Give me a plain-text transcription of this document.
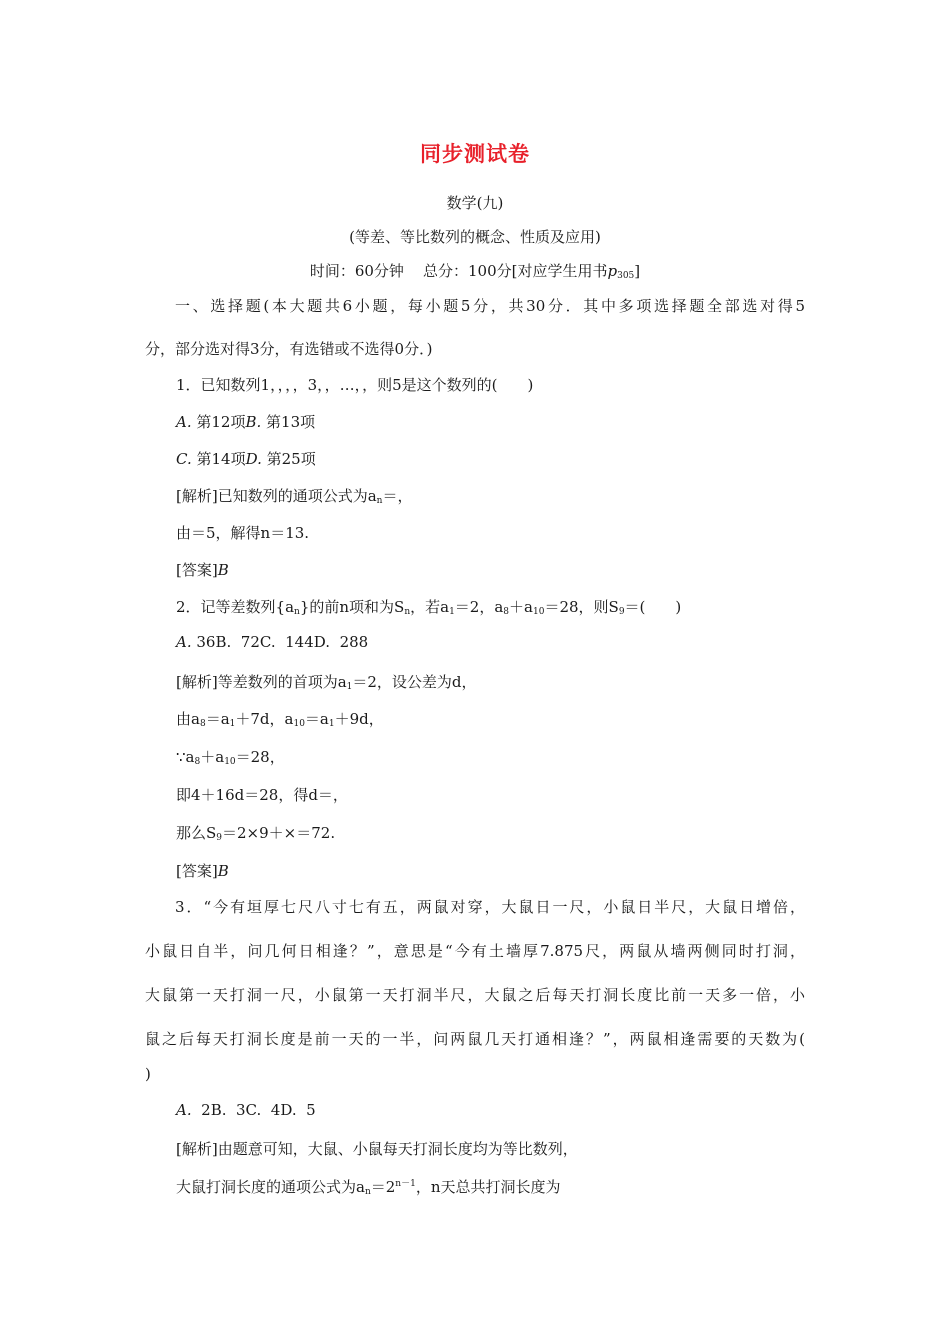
同步测试卷
数学(九)
(等差、等比数列的概念、性质及应用)
时间：60分钟    总分：100分[对应学生用书$p_{305}$]
一、选择题(本大题共6小题，每小题5分，共30分．其中多项选择题全部选对得5
分，部分选对得3分，有选错或不选得0分．)
1．已知数列1，，，，3，，…，，则5是这个数列的(　　)
A. 第12项B. 第13项
C. 第14项D. 第25项
[解析]已知数列的通项公式为$a_n=$，
由＝5，解得n＝13.
[答案]B
2．记等差数列$\{a_n\}$的前n项和为$S_n$，若$a_1=2$，$a_8+a_{10}=28$，则$S_9=$(　　)
A. 36B.  72C.  144D.  288
[解析]等差数列的首项为$a_1=2$，设公差为d，
由$a_8=a_1+7d$，$a_{10}=a_1+9d$，
$\because a_8+a_{10}=28$，
即4＋16d＝28，得d＝，
那么$S_9=2\times 9+\times=72$.
[答案]B
3．“今有垣厚七尺八寸七有五，两鼠对穿，大鼠日一尺，小鼠日半尺，大鼠日增倍，
小鼠日自半，问几何日相逢？”，意思是“今有土墙厚7.875尺，两鼠从墙两侧同时打洞，
大鼠第一天打洞一尺，小鼠第一天打洞半尺，大鼠之后每天打洞长度比前一天多一倍，小
鼠之后每天打洞长度是前一天的一半，问两鼠几天打通相逢？”，两鼠相逢需要的天数为(
)
A.  2B.  3C.  4D.  5
[解析]由题意可知，大鼠、小鼠每天打洞长度均为等比数列，
大鼠打洞长度的通项公式为$a_n=2^{n-1}$，n天总共打洞长度为
